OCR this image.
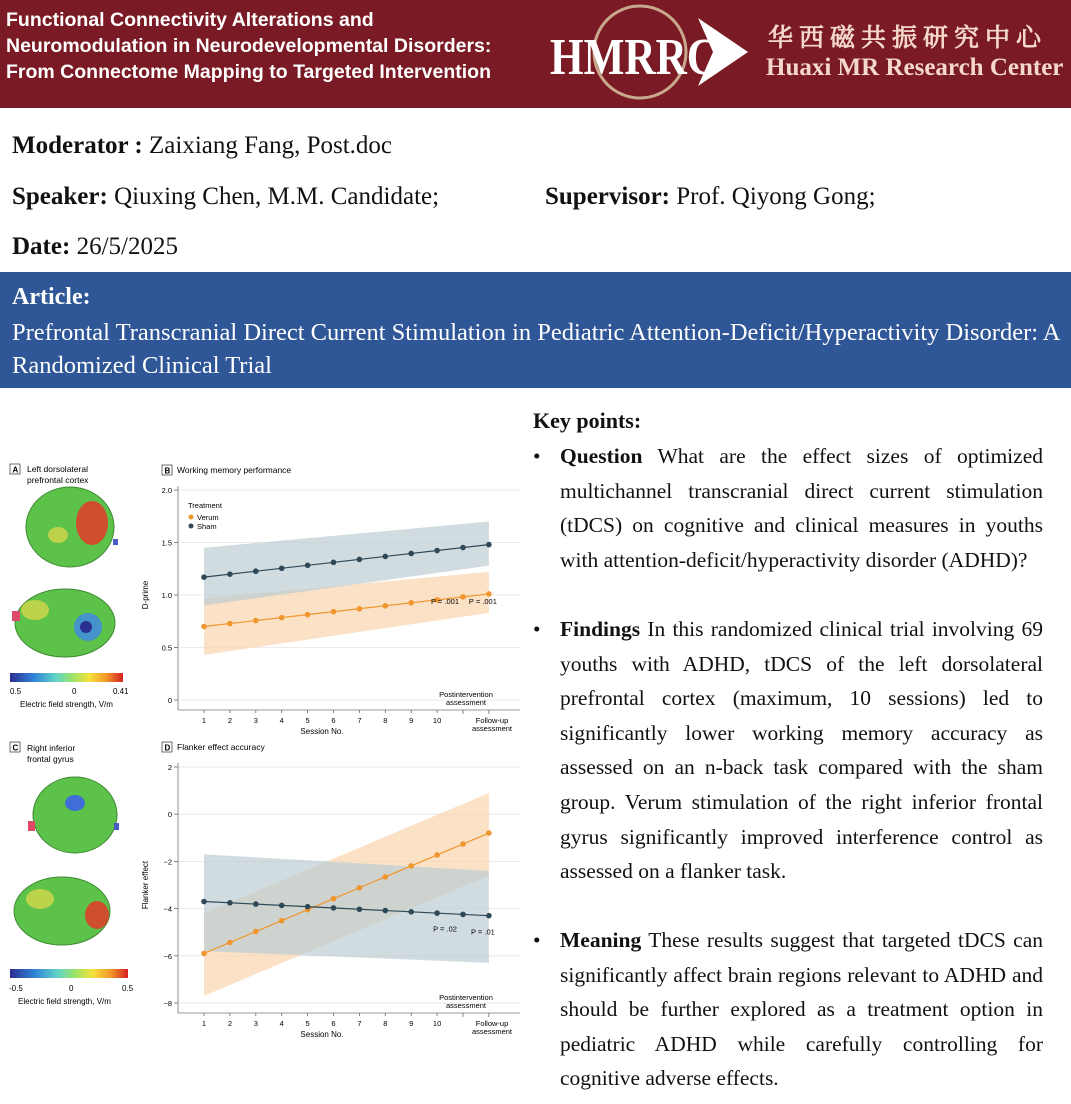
Functional Connectivity Alterations and
Neuromodulation in Neurodevelopmental Disorders:
From Connectome Mapping to Targeted Intervention HMRRC 华西磁共振研究中心
Huaxi MR Research Center
Moderator : Zaixiang Fang, Post.doc
Speaker: Qiuxing Chen, M.M. Candidate;	Supervisor: Prof. Qiyong Gong;
Date: 26/5/2025
Article:
Prefrontal Transcranial Direct Current Stimulation in Pediatric Attention-Deficit/Hyperactivity Disorder: A Randomized Clinical Trial
A Left dorsolateral
prefrontal cortex
0.5	0	0.41
Electric field strength, V/m
C Right inferior
frontal gyrus
-0.5	0	0.5
Electric field strength, V/m
B Working memory performance
0
0.5
1.0
1.5
2.0
D-prime
1	2	3	4	5	6	7	8	9	10
Session No.
Postintervention
assessment
Follow-up
assessment
P = .001 P = .001
Treatment
Verum
Sham
D Flanker effect accuracy
2
0
−2
−4
−6
−8
Flanker effect
1	2	3	4	5	6	7	8	9	10
Session No.
Postintervention
assessment
Follow-up
assessment
P = .02 P = .01
Key points:
• Question What are the effect sizes of optimized multichannel transcranial direct current stimulation (tDCS) on cognitive and clinical measures in youths with attention-deficit/hyperactivity disorder (ADHD)?
• Findings In this randomized clinical trial involving 69 youths with ADHD, tDCS of the left dorsolateral prefrontal cortex (maximum, 10 sessions) led to significantly lower working memory accuracy as assessed on an n-back task compared with the sham group. Verum stimulation of the right inferior frontal gyrus significantly improved interference control as assessed on a flanker task.
• Meaning These results suggest that targeted tDCS can significantly affect brain regions relevant to ADHD and should be further explored as a treatment option in pediatric ADHD while carefully controlling for cognitive adverse effects.
